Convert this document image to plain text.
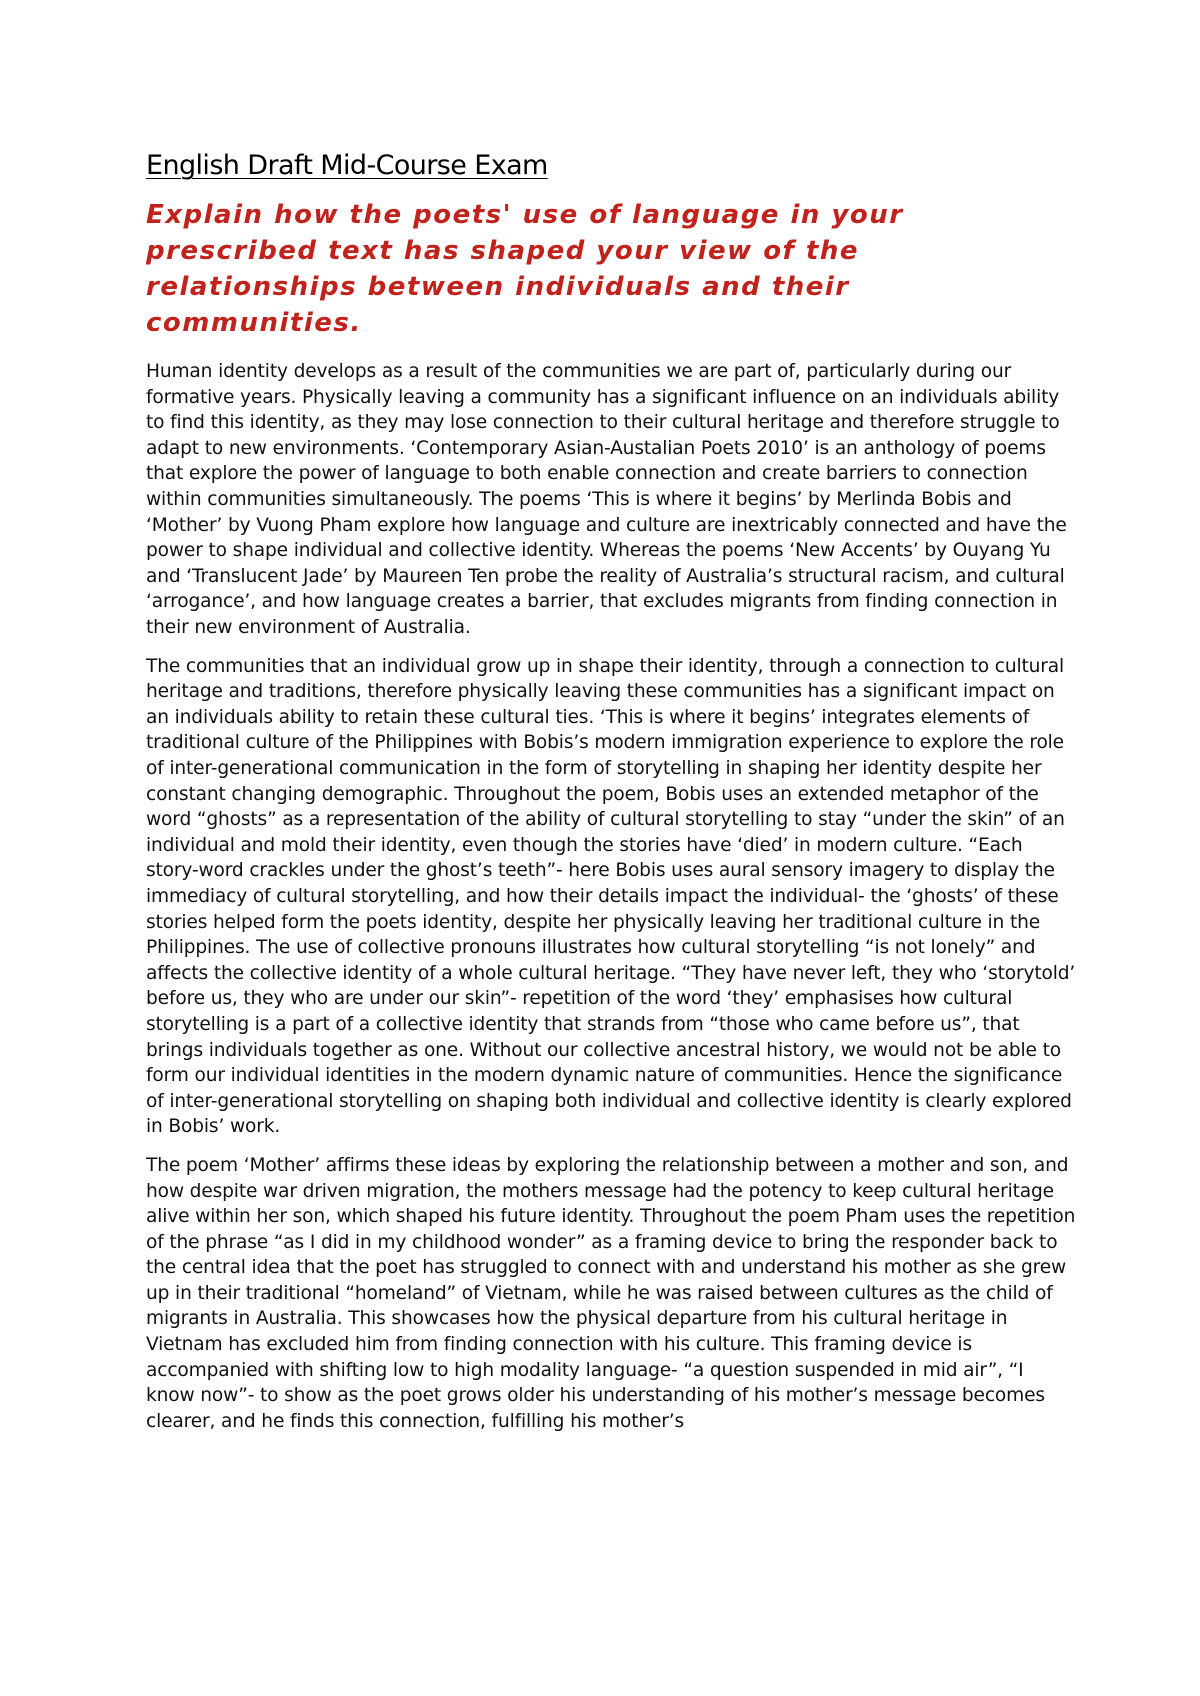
English Draft Mid-Course Exam

Explain how the poets' use of language in your prescribed text has shaped your view of the relationships between individuals and their communities.

Human identity develops as a result of the communities we are part of, particularly during our formative years. Physically leaving a community has a significant influence on an individuals ability to find this identity, as they may lose connection to their cultural heritage and therefore struggle to adapt to new environments. ‘Contemporary Asian-Austalian Poets 2010’ is an anthology of poems that explore the power of language to both enable connection and create barriers to connection within communities simultaneously. The poems ‘This is where it begins’ by Merlinda Bobis and ‘Mother’ by Vuong Pham explore how language and culture are inextricably connected and have the power to shape individual and collective identity. Whereas the poems ‘New Accents’ by Ouyang Yu and ‘Translucent Jade’ by Maureen Ten probe the reality of Australia’s structural racism, and cultural ‘arrogance’, and how language creates a barrier, that excludes migrants from finding connection in their new environment of Australia.

The communities that an individual grow up in shape their identity, through a connection to cultural heritage and traditions, therefore physically leaving these communities has a significant impact on an individuals ability to retain these cultural ties. ‘This is where it begins’ integrates elements of traditional culture of the Philippines with Bobis’s modern immigration experience to explore the role of inter-generational communication in the form of storytelling in shaping her identity despite her constant changing demographic. Throughout the poem, Bobis uses an extended metaphor of the word “ghosts” as a representation of the ability of cultural storytelling to stay “under the skin” of an individual and mold their identity, even though the stories have ‘died’ in modern culture. “Each story-word crackles under the ghost’s teeth”- here Bobis uses aural sensory imagery to display the immediacy of cultural storytelling, and how their details impact the individual- the ‘ghosts’ of these stories helped form the poets identity, despite her physically leaving her traditional culture in the Philippines. The use of collective pronouns illustrates how cultural storytelling “is not lonely” and affects the collective identity of a whole cultural heritage. “They have never left, they who ‘storytold’ before us, they who are under our skin”- repetition of the word ‘they’ emphasises how cultural storytelling is a part of a collective identity that strands from “those who came before us”, that brings individuals together as one. Without our collective ancestral history, we would not be able to form our individual identities in the modern dynamic nature of communities. Hence the significance of inter-generational storytelling on shaping both individual and collective identity is clearly explored in Bobis’ work.

The poem ‘Mother’ affirms these ideas by exploring the relationship between a mother and son, and how despite war driven migration, the mothers message had the potency to keep cultural heritage alive within her son, which shaped his future identity. Throughout the poem Pham uses the repetition of the phrase “as I did in my childhood wonder” as a framing device to bring the responder back to the central idea that the poet has struggled to connect with and understand his mother as she grew up in their traditional “homeland” of Vietnam, while he was raised between cultures as the child of migrants in Australia. This showcases how the physical departure from his cultural heritage in Vietnam has excluded him from finding connection with his culture. This framing device is accompanied with shifting low to high modality language- “a question suspended in mid air”, “I know now”- to show as the poet grows older his understanding of his mother’s message becomes clearer, and he finds this connection, fulfilling his mother’s
